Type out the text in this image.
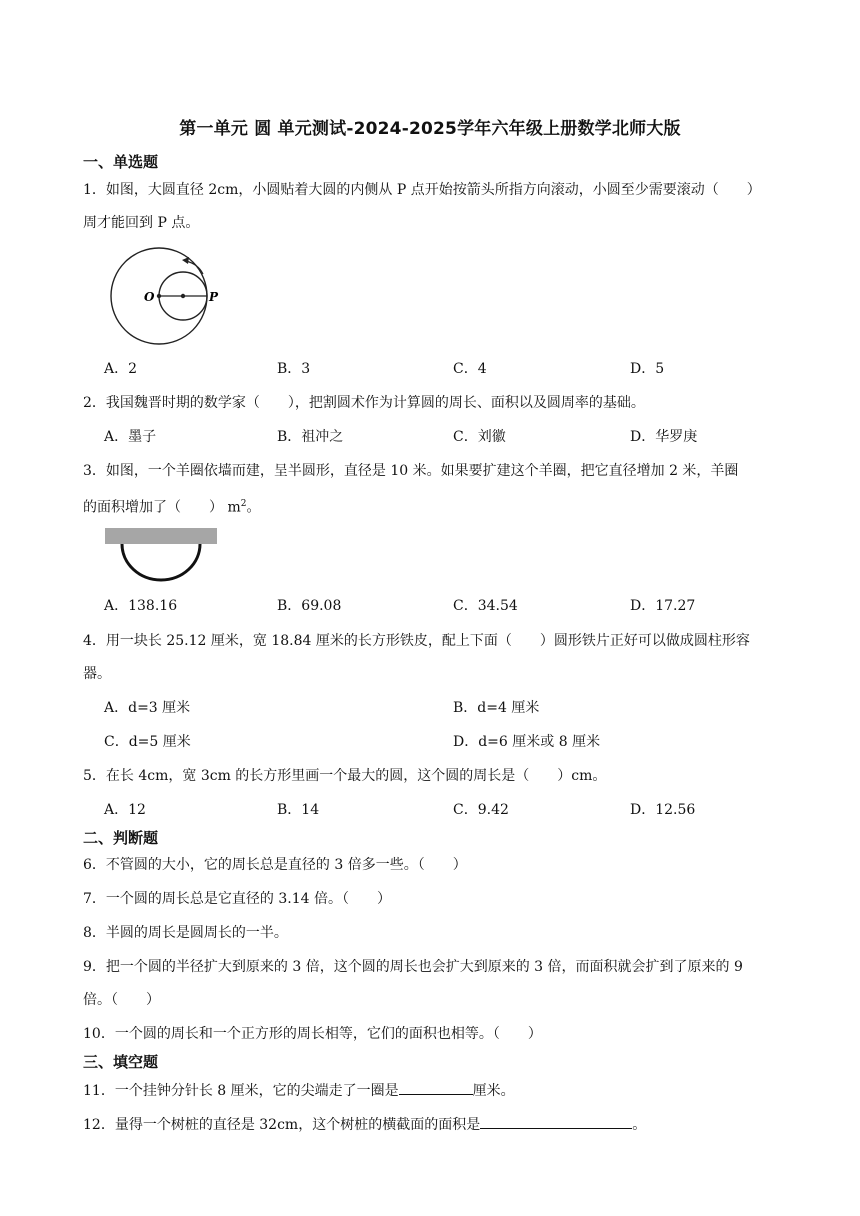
第一单元 圆 单元测试-2024-2025学年六年级上册数学北师大版
一、单选题
1．如图，大圆直径 2cm，小圆贴着大圆的内侧从 P 点开始按箭头所指方向滚动，小圆至少需要滚动（　　）
周才能回到 P 点。
O	P
A．2	B．3	C．4	D．5
2．我国魏晋时期的数学家（　　），把割圆术作为计算圆的周长、面积以及圆周率的基础。
A．墨子	B．祖冲之	C．刘徽	D．华罗庚
3．如图，一个羊圈依墙而建，呈半圆形，直径是 10 米。如果要扩建这个羊圈，把它直径增加 2 米，羊圈
的面积增加了（　　） $m^2$。
A．138.16	B．69.08	C．34.54	D．17.27
4．用一块长 25.12 厘米，宽 18.84 厘米的长方形铁皮，配上下面（　　）圆形铁片正好可以做成圆柱形容
器。
A．d=3 厘米	B．d=4 厘米
C．d=5 厘米	D．d=6 厘米或 8 厘米
5．在长 4cm，宽 3cm 的长方形里画一个最大的圆，这个圆的周长是（　　）cm。
A．12	B．14	C．9.42	D．12.56
二、判断题
6．不管圆的大小，它的周长总是直径的 3 倍多一些。（　　）
7．一个圆的周长总是它直径的 3.14 倍。（　　）
8．半圆的周长是圆周长的一半。
9．把一个圆的半径扩大到原来的 3 倍，这个圆的周长也会扩大到原来的 3 倍，而面积就会扩到了原来的 9
倍。（　　）
10．一个圆的周长和一个正方形的周长相等，它们的面积也相等。（　　）
三、填空题
11．一个挂钟分针长 8 厘米，它的尖端走了一圈是	厘米。
12．量得一个树桩的直径是 32cm，这个树桩的横截面的面积是	。
